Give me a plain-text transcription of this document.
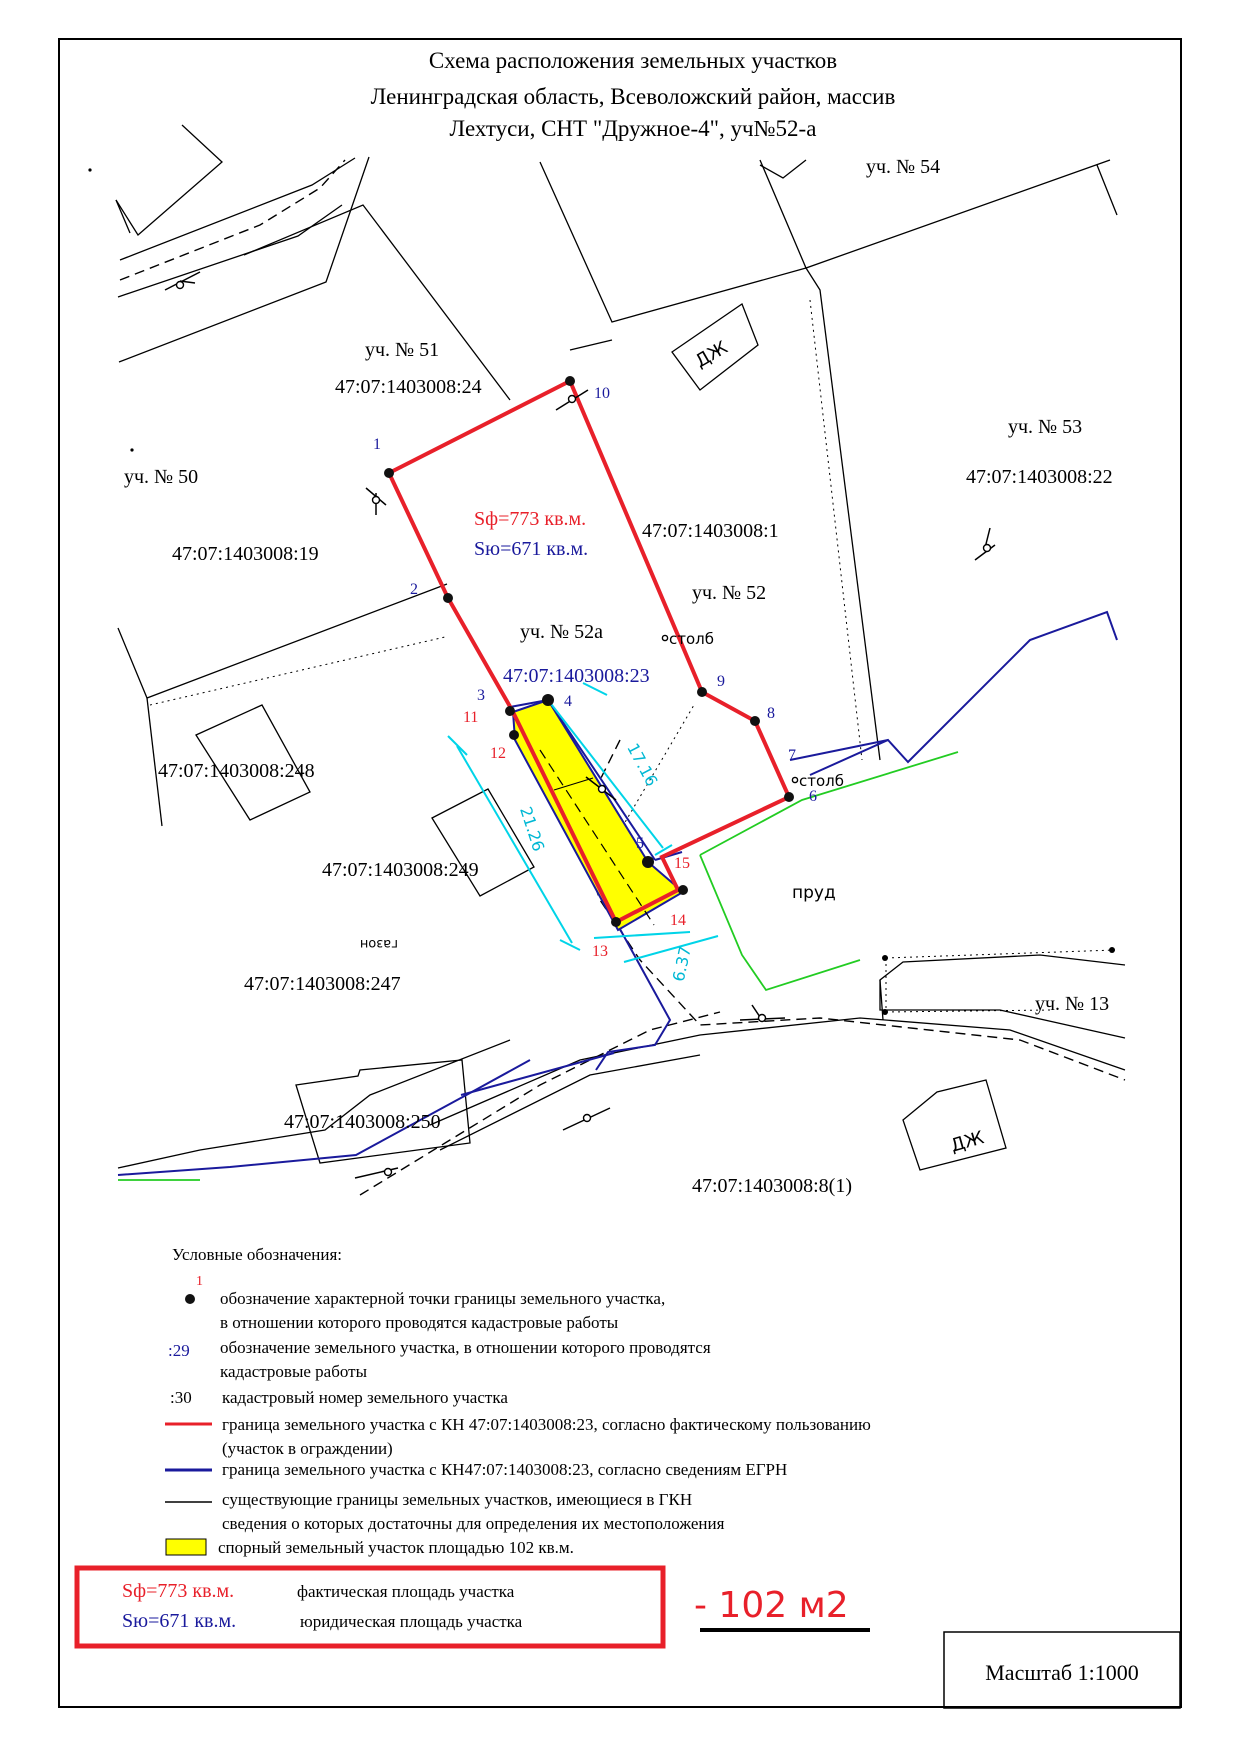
Схема расположения земельных участков
Ленинградская область, Всеволожский район, массив
Лехтуси, СНТ "Дружное-4", уч№52-а
уч. № 54
уч. № 51
47:07:1403008:24
уч. № 50
47:07:1403008:19
уч. № 53
47:07:1403008:22
47:07:1403008:1
уч. № 52
уч. № 52а
47:07:1403008:248
47:07:1403008:249
47:07:1403008:247
47:07:1403008:250
47:07:1403008:8(1)
уч. № 13
47:07:1403008:23
Sю=671 кв.м.
Sф=773 кв.м.
ДЖ
ДЖ
столб
столб
пруд
газон
1
2
3	4
5
6
7
8
9
10
11
12
13
14
15
17.16
21.26
6.37
Условные обозначения:
1
обозначение характерной точки границы земельного участка,
в отношении которого проводятся кадастровые работы
:29 обозначение земельного участка, в отношении которого проводятся
кадастровые работы
:30 кадастровый номер земельного участка
граница земельного участка с КН 47:07:1403008:23, согласно фактическому пользованию
(участок в ограждении)
граница земельного участка с КН47:07:1403008:23, согласно сведениям ЕГРН
существующие границы земельных участков, имеющиеся в ГКН
сведения о которых достаточны для определения их местоположения
спорный земельный участок площадью 102 кв.м.
Sф=773 кв.м.	фактическая площадь участка
Sю=671 кв.м.	юридическая площадь участка	- 102 м2
Масштаб 1:1000
